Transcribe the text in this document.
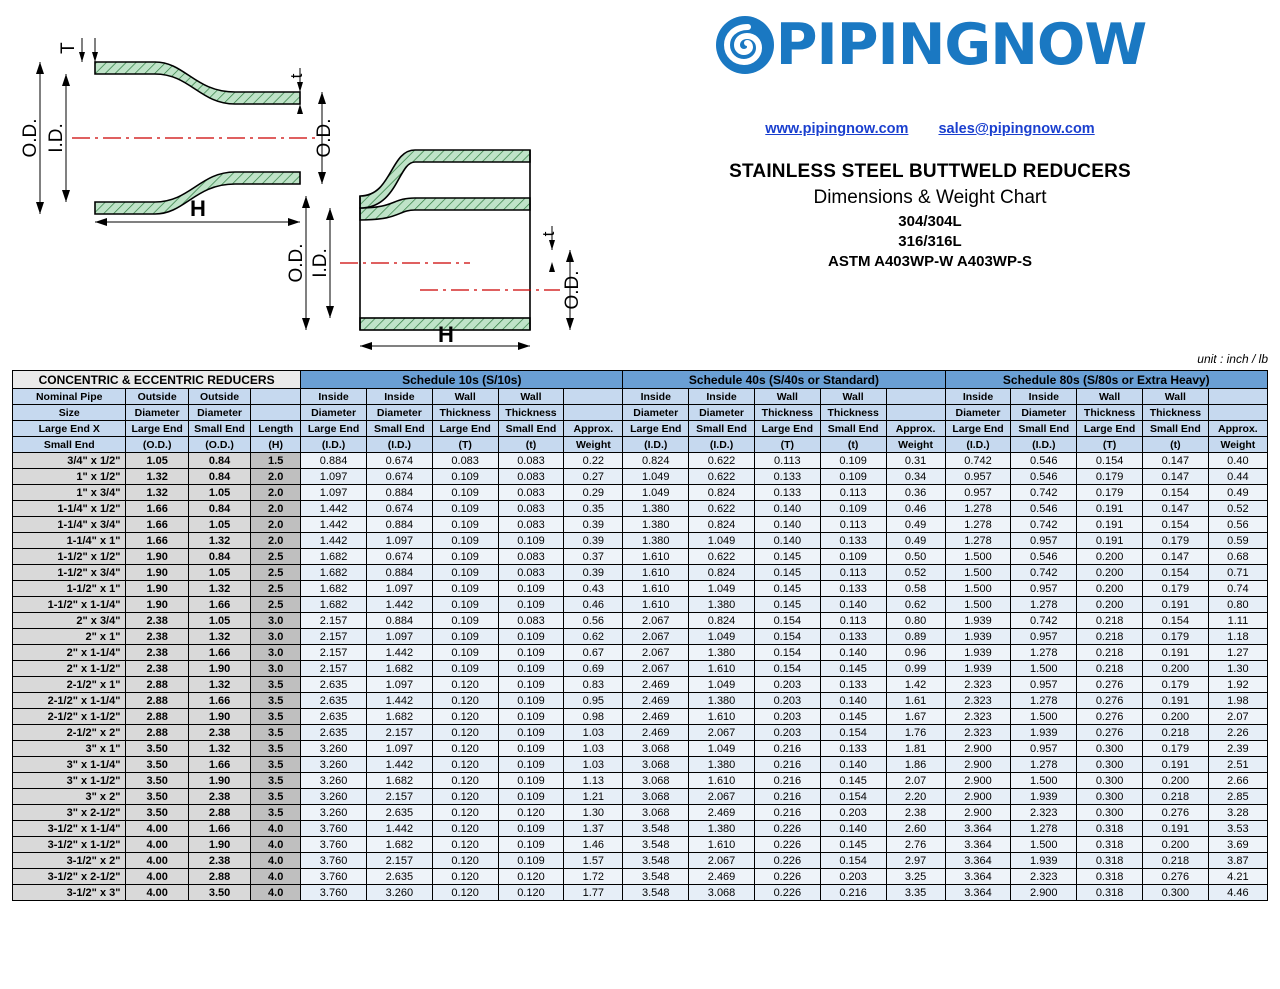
T
t
O.D. I.D.	O.D.
H
O.D. I.D.
t
O.D.
H
PIPINGNOW
www.pipingnow.com sales@pipingnow.com
STAINLESS STEEL BUTTWELD REDUCERS
Dimensions & Weight Chart
304/304L
316/316L
ASTM A403WP-W A403WP-S
unit : inch / lb
CONCENTRIC & ECCENTRIC REDUCERS				Schedule 10s (S/10s)					Schedule 40s (S/40s or Standard)					Schedule 80s (S/80s or Extra Heavy)				
Nominal Pipe	Outside	Outside		Inside	Inside	Wall	Wall		Inside	Inside	Wall	Wall		Inside	Inside	Wall	Wall	
Size	Diameter	Diameter		Diameter	Diameter	Thickness	Thickness		Diameter	Diameter	Thickness	Thickness		Diameter	Diameter	Thickness	Thickness	
Large End X	Large End	Small End	Length	Large End	Small End	Large End	Small End	Approx.	Large End	Small End	Large End	Small End	Approx.	Large End	Small End	Large End	Small End	Approx.
Small End	(O.D.)	(O.D.)	(H)	(I.D.)	(I.D.)	(T)	(t)	Weight	(I.D.)	(I.D.)	(T)	(t)	Weight	(I.D.)	(I.D.)	(T)	(t)	Weight
3/4" x 1/2"	1.05	0.84	1.5	0.884	0.674	0.083	0.083	0.22	0.824	0.622	0.113	0.109	0.31	0.742	0.546	0.154	0.147	0.40
1" x 1/2"	1.32	0.84	2.0	1.097	0.674	0.109	0.083	0.27	1.049	0.622	0.133	0.109	0.34	0.957	0.546	0.179	0.147	0.44
1" x 3/4"	1.32	1.05	2.0	1.097	0.884	0.109	0.083	0.29	1.049	0.824	0.133	0.113	0.36	0.957	0.742	0.179	0.154	0.49
1-1/4" x 1/2"	1.66	0.84	2.0	1.442	0.674	0.109	0.083	0.35	1.380	0.622	0.140	0.109	0.46	1.278	0.546	0.191	0.147	0.52
1-1/4" x 3/4"	1.66	1.05	2.0	1.442	0.884	0.109	0.083	0.39	1.380	0.824	0.140	0.113	0.49	1.278	0.742	0.191	0.154	0.56
1-1/4" x 1"	1.66	1.32	2.0	1.442	1.097	0.109	0.109	0.39	1.380	1.049	0.140	0.133	0.49	1.278	0.957	0.191	0.179	0.59
1-1/2" x 1/2"	1.90	0.84	2.5	1.682	0.674	0.109	0.083	0.37	1.610	0.622	0.145	0.109	0.50	1.500	0.546	0.200	0.147	0.68
1-1/2" x 3/4"	1.90	1.05	2.5	1.682	0.884	0.109	0.083	0.39	1.610	0.824	0.145	0.113	0.52	1.500	0.742	0.200	0.154	0.71
1-1/2" x 1"	1.90	1.32	2.5	1.682	1.097	0.109	0.109	0.43	1.610	1.049	0.145	0.133	0.58	1.500	0.957	0.200	0.179	0.74
1-1/2" x 1-1/4"	1.90	1.66	2.5	1.682	1.442	0.109	0.109	0.46	1.610	1.380	0.145	0.140	0.62	1.500	1.278	0.200	0.191	0.80
2" x 3/4"	2.38	1.05	3.0	2.157	0.884	0.109	0.083	0.56	2.067	0.824	0.154	0.113	0.80	1.939	0.742	0.218	0.154	1.11
2" x 1"	2.38	1.32	3.0	2.157	1.097	0.109	0.109	0.62	2.067	1.049	0.154	0.133	0.89	1.939	0.957	0.218	0.179	1.18
2" x 1-1/4"	2.38	1.66	3.0	2.157	1.442	0.109	0.109	0.67	2.067	1.380	0.154	0.140	0.96	1.939	1.278	0.218	0.191	1.27
2" x 1-1/2"	2.38	1.90	3.0	2.157	1.682	0.109	0.109	0.69	2.067	1.610	0.154	0.145	0.99	1.939	1.500	0.218	0.200	1.30
2-1/2" x 1"	2.88	1.32	3.5	2.635	1.097	0.120	0.109	0.83	2.469	1.049	0.203	0.133	1.42	2.323	0.957	0.276	0.179	1.92
2-1/2" x 1-1/4"	2.88	1.66	3.5	2.635	1.442	0.120	0.109	0.95	2.469	1.380	0.203	0.140	1.61	2.323	1.278	0.276	0.191	1.98
2-1/2" x 1-1/2"	2.88	1.90	3.5	2.635	1.682	0.120	0.109	0.98	2.469	1.610	0.203	0.145	1.67	2.323	1.500	0.276	0.200	2.07
2-1/2" x 2"	2.88	2.38	3.5	2.635	2.157	0.120	0.109	1.03	2.469	2.067	0.203	0.154	1.76	2.323	1.939	0.276	0.218	2.26
3" x 1"	3.50	1.32	3.5	3.260	1.097	0.120	0.109	1.03	3.068	1.049	0.216	0.133	1.81	2.900	0.957	0.300	0.179	2.39
3" x 1-1/4"	3.50	1.66	3.5	3.260	1.442	0.120	0.109	1.03	3.068	1.380	0.216	0.140	1.86	2.900	1.278	0.300	0.191	2.51
3" x 1-1/2"	3.50	1.90	3.5	3.260	1.682	0.120	0.109	1.13	3.068	1.610	0.216	0.145	2.07	2.900	1.500	0.300	0.200	2.66
3" x 2"	3.50	2.38	3.5	3.260	2.157	0.120	0.109	1.21	3.068	2.067	0.216	0.154	2.20	2.900	1.939	0.300	0.218	2.85
3" x 2-1/2"	3.50	2.88	3.5	3.260	2.635	0.120	0.120	1.30	3.068	2.469	0.216	0.203	2.38	2.900	2.323	0.300	0.276	3.28
3-1/2" x 1-1/4"	4.00	1.66	4.0	3.760	1.442	0.120	0.109	1.37	3.548	1.380	0.226	0.140	2.60	3.364	1.278	0.318	0.191	3.53
3-1/2" x 1-1/2"	4.00	1.90	4.0	3.760	1.682	0.120	0.109	1.46	3.548	1.610	0.226	0.145	2.76	3.364	1.500	0.318	0.200	3.69
3-1/2" x 2"	4.00	2.38	4.0	3.760	2.157	0.120	0.109	1.57	3.548	2.067	0.226	0.154	2.97	3.364	1.939	0.318	0.218	3.87
3-1/2" x 2-1/2"	4.00	2.88	4.0	3.760	2.635	0.120	0.120	1.72	3.548	2.469	0.226	0.203	3.25	3.364	2.323	0.318	0.276	4.21
3-1/2" x 3"	4.00	3.50	4.0	3.760	3.260	0.120	0.120	1.77	3.548	3.068	0.226	0.216	3.35	3.364	2.900	0.318	0.300	4.46
